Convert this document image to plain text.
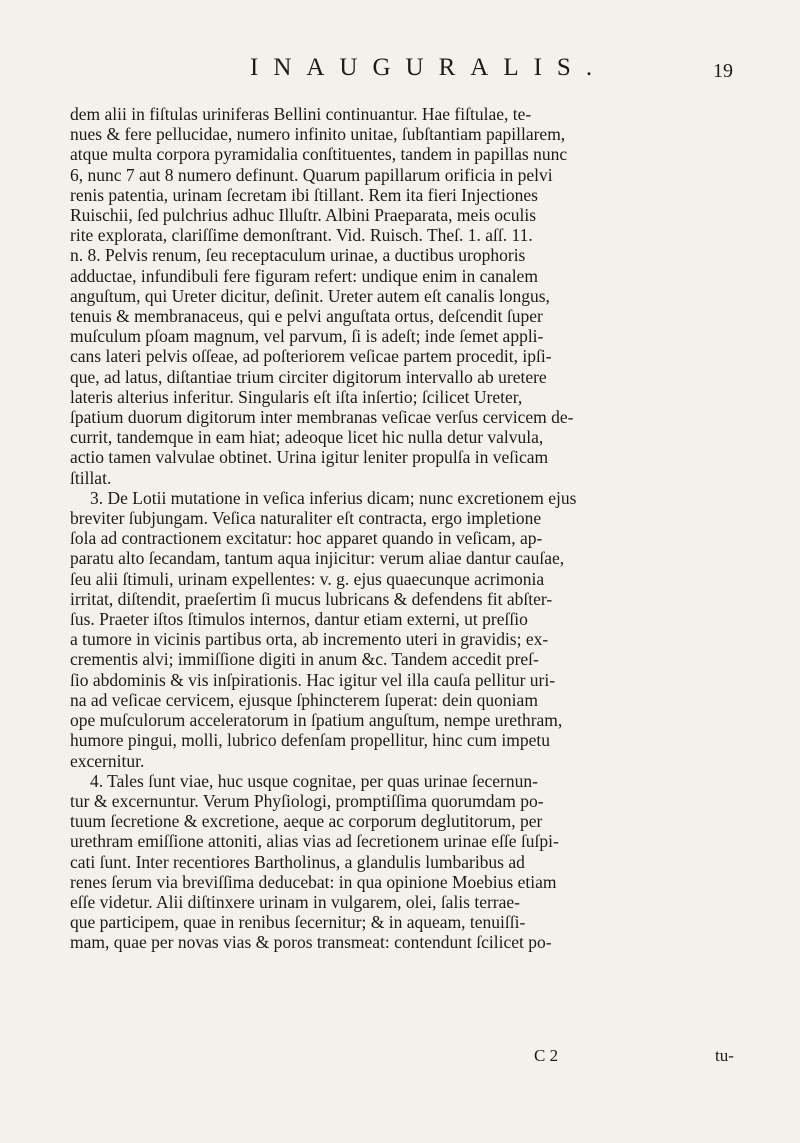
INAUGURALIS.	19

dem alii in fiſtulas uriniferas Bellini continuantur. Hae fiſtulae, te-
nues & fere pellucidae, numero infinito unitae, ſubſtantiam papillarem,
atque multa corpora pyramidalia conſtituentes, tandem in papillas nunc
6, nunc 7 aut 8 numero definunt. Quarum papillarum orificia in pelvi
renis patentia, urinam ſecretam ibi ſtillant. Rem ita fieri Injectiones
Ruischii, ſed pulchrius adhuc Illuſtr. Albini Praeparata, meis oculis
rite explorata, clariſſime demonſtrant. Vid. Ruisch. Theſ. 1. aſſ. 11.
n. 8. Pelvis renum, ſeu receptaculum urinae, a ductibus urophoris
adductae, infundibuli fere figuram refert: undique enim in canalem
anguſtum, qui Ureter dicitur, deſinit. Ureter autem eſt canalis longus,
tenuis & membranaceus, qui e pelvi anguſtata ortus, deſcendit ſuper
muſculum pſoam magnum, vel parvum, ſi is adeſt; inde ſemet appli-
cans lateri pelvis oſſeae, ad poſteriorem veſicae partem procedit, ipſi-
que, ad latus, diſtantiae trium circiter digitorum intervallo ab uretere
lateris alterius inferitur. Singularis eſt iſta inſertio; ſcilicet Ureter,
ſpatium duorum digitorum inter membranas veſicae verſus cervicem de-
currit, tandemque in eam hiat; adeoque licet hic nulla detur valvula,
actio tamen valvulae obtinet. Urina igitur leniter propulſa in veſicam
ſtillat.

3. De Lotii mutatione in veſica inferius dicam; nunc excretionem ejus
breviter ſubjungam. Veſica naturaliter eſt contracta, ergo impletione
ſola ad contractionem excitatur: hoc apparet quando in veſicam, ap-
paratu alto ſecandam, tantum aqua injicitur: verum aliae dantur cauſae,
ſeu alii ſtimuli, urinam expellentes: v. g. ejus quaecunque acrimonia
irritat, diſtendit, praeſertim ſi mucus lubricans & defendens fit abſter-
ſus. Praeter iſtos ſtimulos internos, dantur etiam externi, ut preſſio
a tumore in vicinis partibus orta, ab incremento uteri in gravidis; ex-
crementis alvi; immiſſione digiti in anum &c. Tandem accedit preſ-
ſio abdominis & vis inſpirationis. Hac igitur vel illa cauſa pellitur uri-
na ad veſicae cervicem, ejusque ſphincterem ſuperat: dein quoniam
ope muſculorum acceleratorum in ſpatium anguſtum, nempe urethram,
humore pingui, molli, lubrico defenſam propellitur, hinc cum impetu
excernitur.

4. Tales ſunt viae, huc usque cognitae, per quas urinae ſecernun-
tur & excernuntur. Verum Phyſiologi, promptiſſima quorumdam po-
tuum ſecretione & excretione, aeque ac corporum deglutitorum, per
urethram emiſſione attoniti, alias vias ad ſecretionem urinae eſſe ſuſpi-
cati ſunt. Inter recentiores Bartholinus, a glandulis lumbaribus ad
renes ſerum via breviſſima deducebat: in qua opinione Moebius etiam
eſſe videtur. Alii diſtinxere urinam in vulgarem, olei, ſalis terrae-
que participem, quae in renibus ſecernitur; & in aqueam, tenuiſſi-
mam, quae per novas vias & poros transmeat: contendunt ſcilicet po-

C 2	tu-
